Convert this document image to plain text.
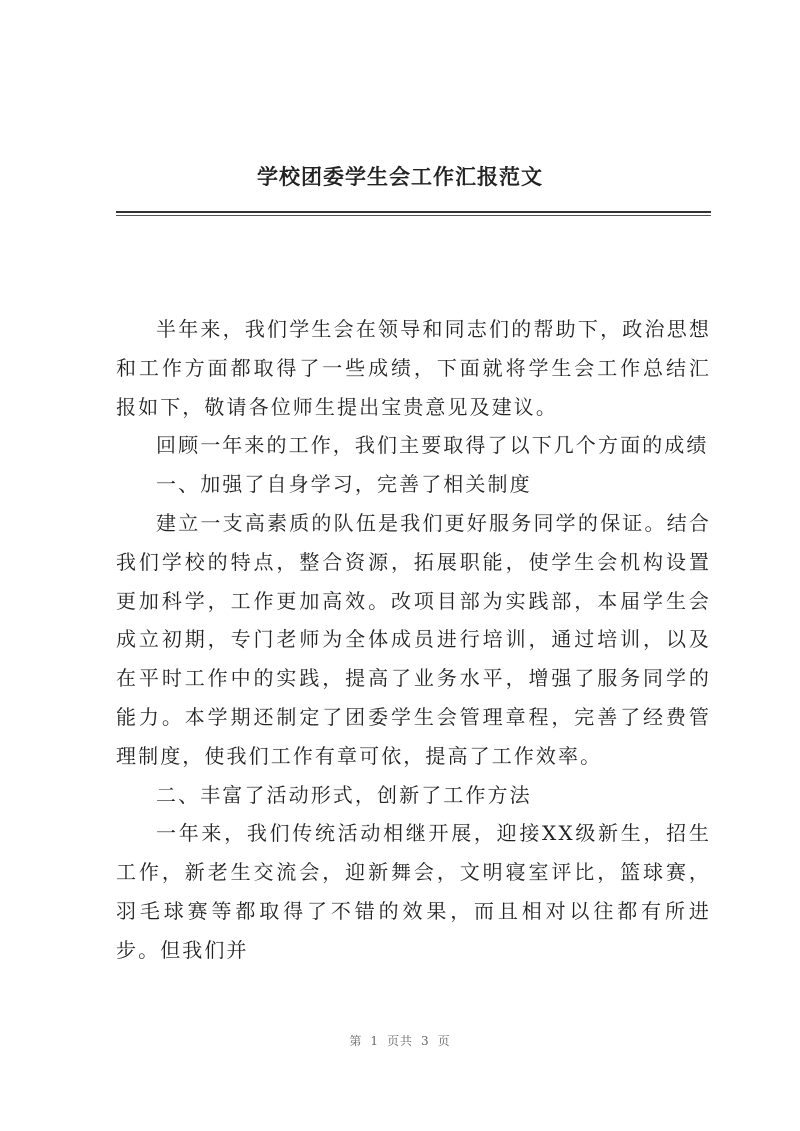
学校团委学生会工作汇报范文

半年来，我们学生会在领导和同志们的帮助下，政治思想和工作方面都取得了一些成绩，下面就将学生会工作总结汇报如下，敬请各位师生提出宝贵意见及建议。

回顾一年来的工作，我们主要取得了以下几个方面的成绩

一、加强了自身学习，完善了相关制度

建立一支高素质的队伍是我们更好服务同学的保证。结合我们学校的特点，整合资源，拓展职能，使学生会机构设置更加科学，工作更加高效。改项目部为实践部，本届学生会成立初期，专门老师为全体成员进行培训，通过培训，以及在平时工作中的实践，提高了业务水平，增强了服务同学的能力。本学期还制定了团委学生会管理章程，完善了经费管理制度，使我们工作有章可依，提高了工作效率。

二、丰富了活动形式，创新了工作方法

一年来，我们传统活动相继开展，迎接XX级新生，招生工作，新老生交流会，迎新舞会，文明寝室评比，篮球赛，羽毛球赛等都取得了不错的效果，而且相对以往都有所进步。但我们并

第 1 页共 3 页
